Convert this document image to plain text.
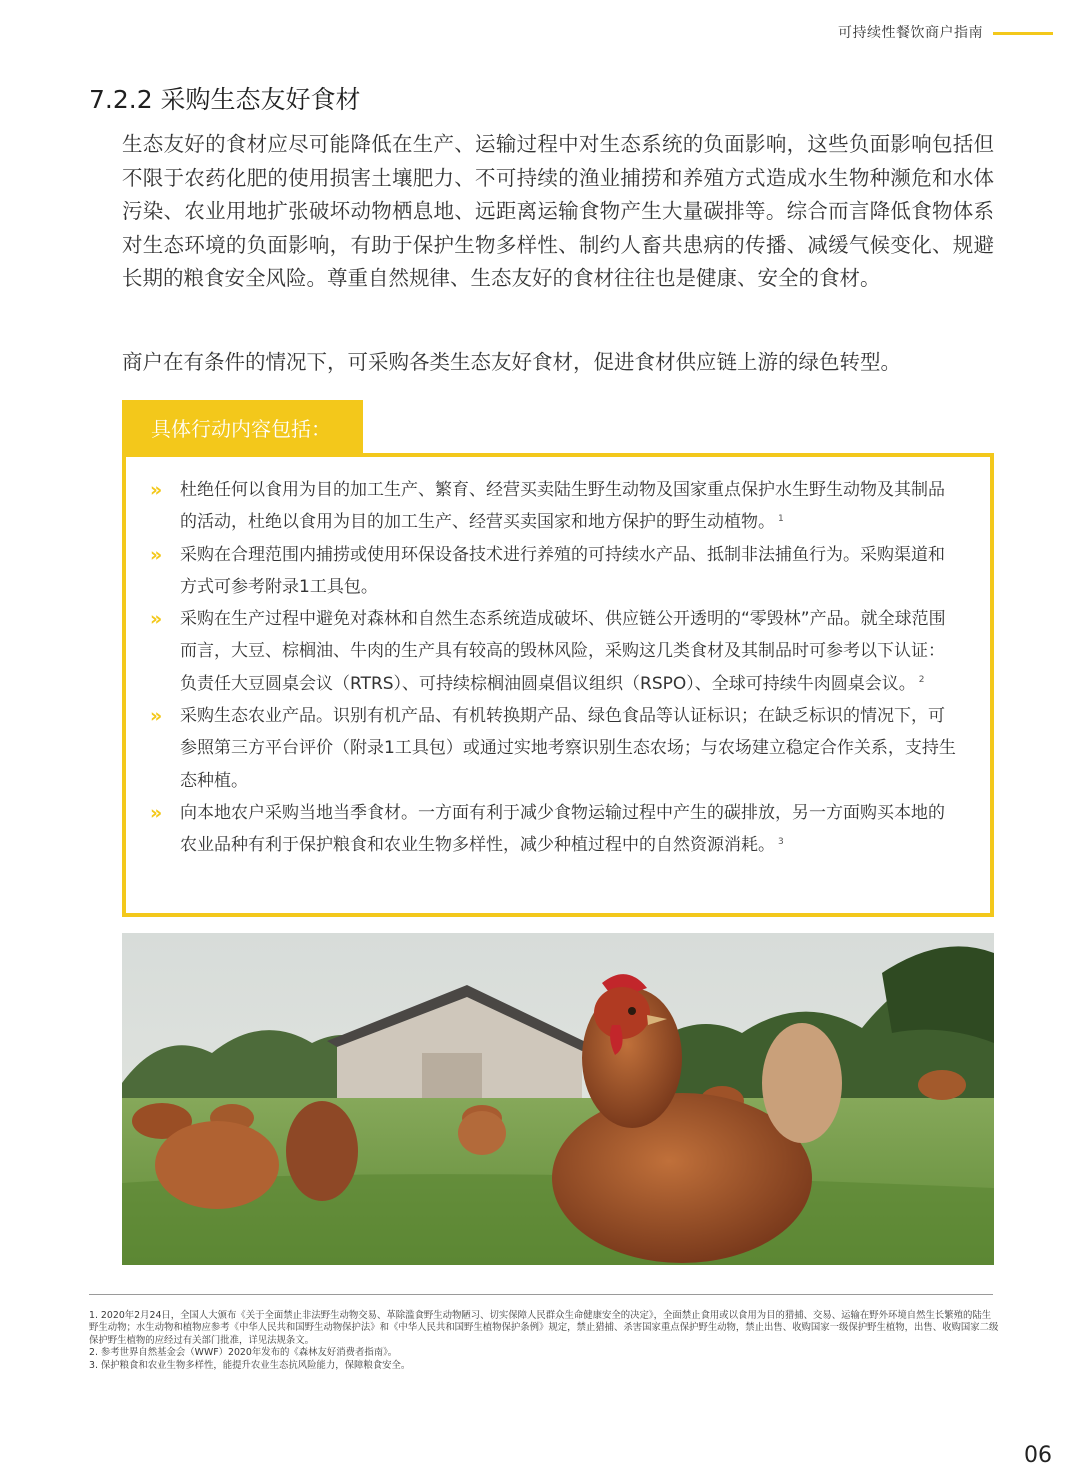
可持续性餐饮商户指南
7.2.2 采购生态友好食材

生态友好的食材应尽可能降低在生产、运输过程中对生态系统的负面影响，这些负面影响包括但不限于农药化肥的使用损害土壤肥力、不可持续的渔业捕捞和养殖方式造成水生物种濒危和水体污染、农业用地扩张破坏动物栖息地、远距离运输食物产生大量碳排等。综合而言降低食物体系对生态环境的负面影响，有助于保护生物多样性、制约人畜共患病的传播、减缓气候变化、规避长期的粮食安全风险。尊重自然规律、生态友好的食材往往也是健康、安全的食材。

商户在有条件的情况下，可采购各类生态友好食材，促进食材供应链上游的绿色转型。

具体行动内容包括：
»	杜绝任何以食用为目的加工生产、繁育、经营买卖陆生野生动物及国家重点保护水生野生动物及其制品的活动，杜绝以食用为目的加工生产、经营买卖国家和地方保护的野生动植物。 $^1$
»	采购在合理范围内捕捞或使用环保设备技术进行养殖的可持续水产品、抵制非法捕鱼行为。采购渠道和方式可参考附录1工具包。
»	采购在生产过程中避免对森林和自然生态系统造成破坏、供应链公开透明的“零毁林”产品。就全球范围而言，大豆、棕榈油、牛肉的生产具有较高的毁林风险，采购这几类食材及其制品时可参考以下认证：负责任大豆圆桌会议（RTRS）、可持续棕榈油圆桌倡议组织（RSPO）、全球可持续牛肉圆桌会议。 $^2$
»	采购生态农业产品。识别有机产品、有机转换期产品、绿色食品等认证标识；在缺乏标识的情况下，可参照第三方平台评价（附录1工具包）或通过实地考察识别生态农场；与农场建立稳定合作关系，支持生态种植。
»	向本地农户采购当地当季食材。一方面有利于减少食物运输过程中产生的碳排放，另一方面购买本地的农业品种有利于保护粮食和农业生物多样性，减少种植过程中的自然资源消耗。 $^3$
1. 2020年2月24日，全国人大颁布《关于全面禁止非法野生动物交易、革除滥食野生动物陋习、切实保障人民群众生命健康安全的决定》，全面禁止食用或以食用为目的猎捕、交易、运输在野外环境自然生长繁殖的陆生野生动物；水生动物和植物应参考《中华人民共和国野生动物保护法》和《中华人民共和国野生植物保护条例》规定，禁止猎捕、杀害国家重点保护野生动物，禁止出售、收购国家一级保护野生植物，出售、收购国家二级保护野生植物的应经过有关部门批准，详见法规条文。
2. 参考世界自然基金会（WWF）2020年发布的《森林友好消费者指南》。
3. 保护粮食和农业生物多样性，能提升农业生态抗风险能力，保障粮食安全。
06
